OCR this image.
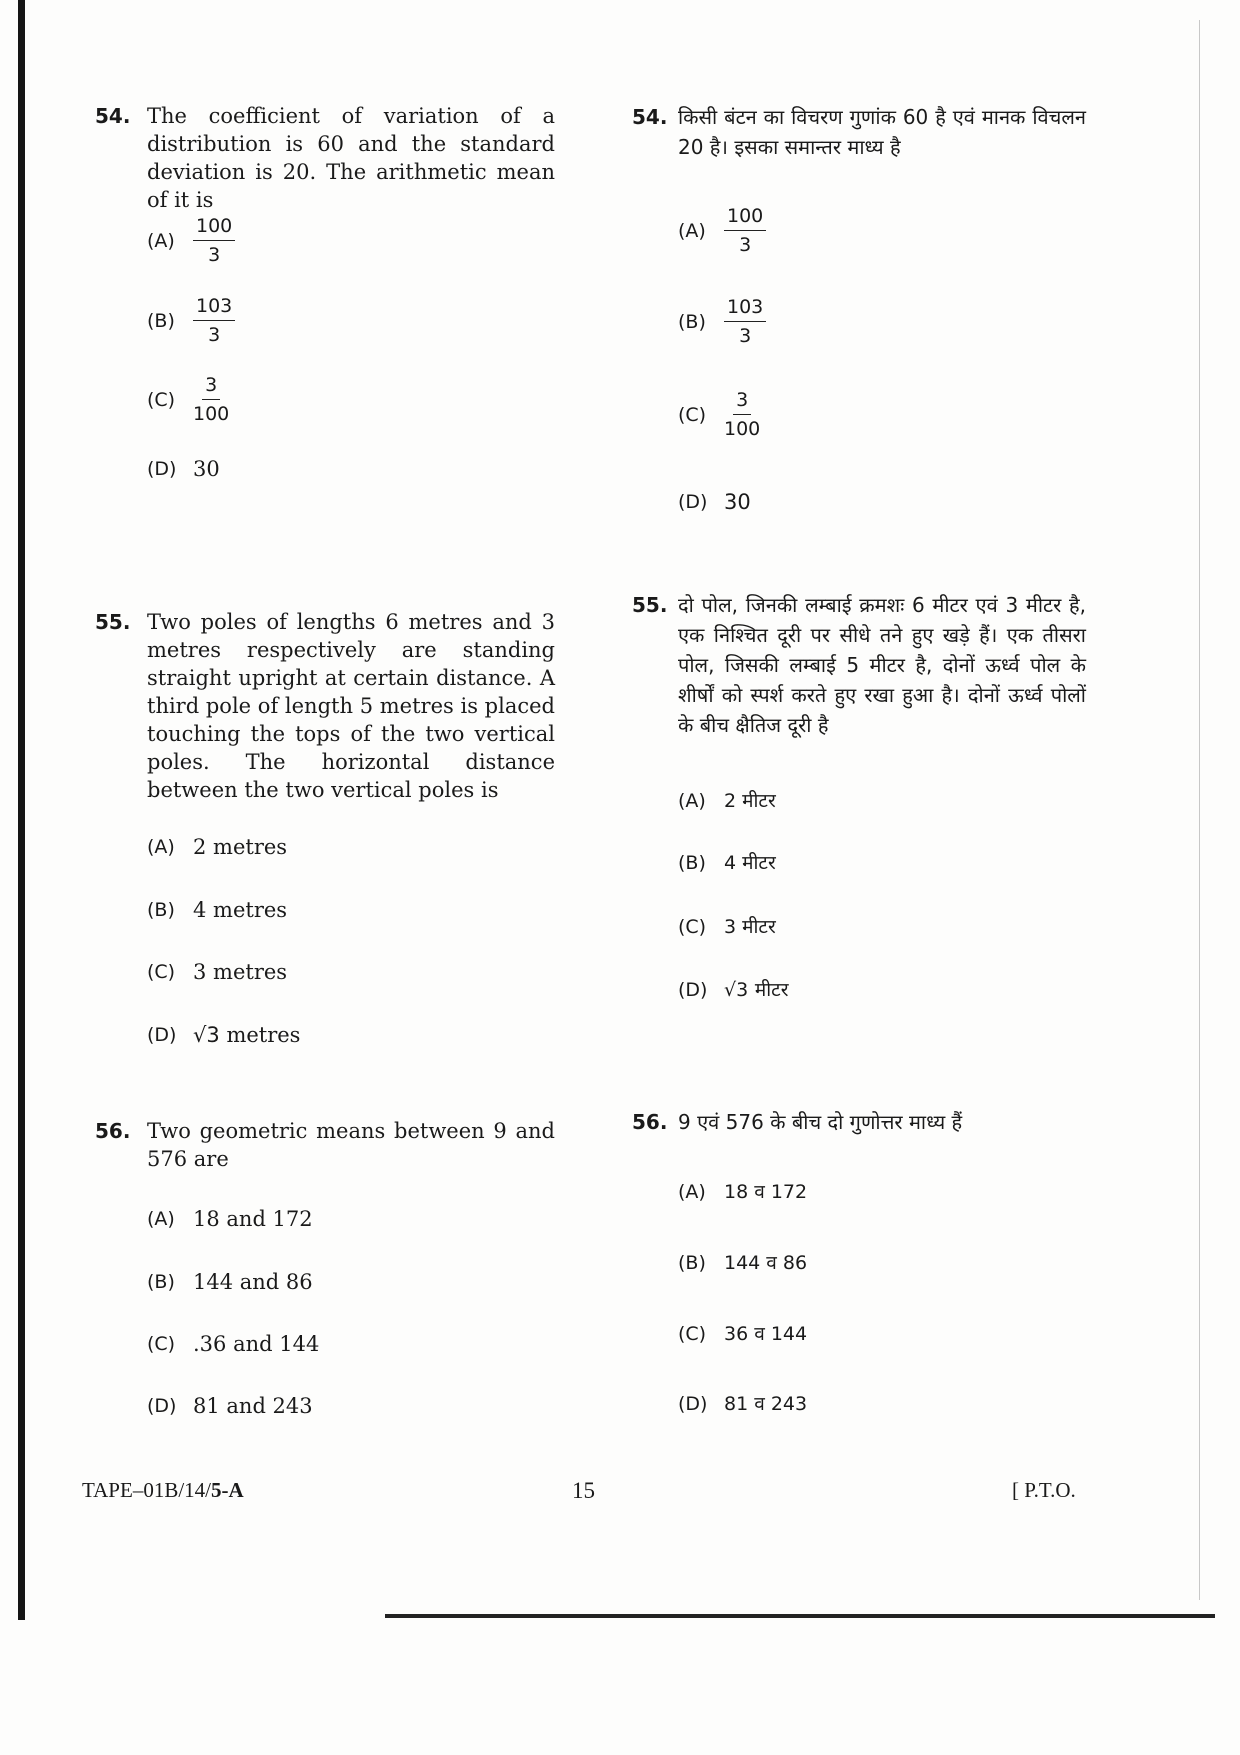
54. The coefficient of variation of a distribution is 60 and the standard deviation is 20. The arithmetic mean of it is
$(A) \frac{100}{3}$
$(B) \frac{103}{3}$
$(C) \frac{3}{100}$
(D) 30
55. Two poles of lengths 6 metres and 3 metres respectively are standing straight upright at certain distance. A third pole of length 5 metres is placed touching the tops of the two vertical poles. The horizontal distance between the two vertical poles is
(A) 2 metres
(B) 4 metres
(C) 3 metres
(D) √3
metres
56. Two geometric means between 9 and 576 are
(A) 18 and 172
(B) 144 and 86
(C) .36 and 144
(D) 81 and 243
54. किसी बंटन का विचरण गुणांक 60 है एवं मानक विचलन 20 है। इसका समान्तर माध्य है
$(A) \frac{100}{3}$
$(B) \frac{103}{3}$
$(C) \frac{3}{100}$
(D) 30
55. दो पोल, जिनकी लम्बाई क्रमशः 6 मीटर एवं 3 मीटर है, एक निश्चित दूरी पर सीधे तने हुए खड़े हैं। एक तीसरा पोल, जिसकी लम्बाई 5 मीटर है, दोनों ऊर्ध्व पोल के शीर्षों को स्पर्श करते हुए रखा हुआ है। दोनों ऊर्ध्व पोलों के बीच क्षैतिज दूरी है
(A) 2 मीटर
(B) 4 मीटर
(C) 3 मीटर
(D) √3
मीटर
56. 9 एवं 576 के बीच दो गुणोत्तर माध्य हैं
(A) 18 व 172
(B) 144 व 86
(C) 36 व 144
(D) 81 व 243
TAPE–01B/14/5-A	15	[ P.T.O.
